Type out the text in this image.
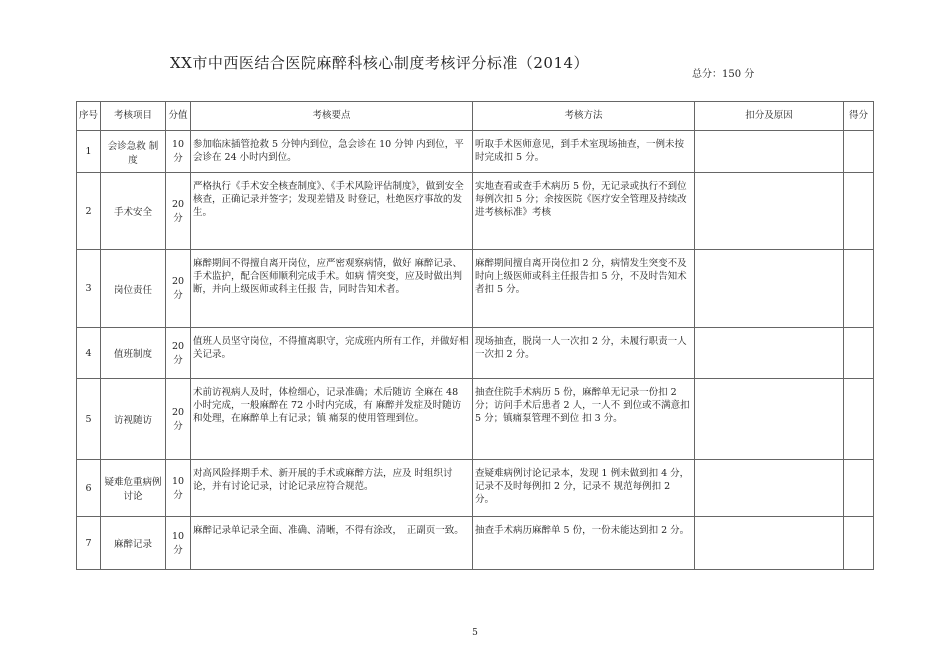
XX市中西医结合医院麻醉科核心制度考核评分标准（2014）
总分：150 分
序号	考核项目	分值	考核要点	考核方法	扣分及原因	得分
1	会诊急救 制度	10分	参加临床插管抢救 5 分钟内到位，急会诊在 10 分钟 内到位，平会诊在 24 小时内到位。	听取手术医师意见，到手术室现场抽查，一例未按时完成扣 5 分。		
2	手术安全	20分	严格执行《手术安全核查制度》、《手术风险评估制度》，做到安全核查，正确记录并签字；发现差错及 时登记，杜绝医疗事故的发生。	实地查看或查手术病历 5 份，无记录或执行不到位每例次扣 5 分；余按医院《医疗安全管理及持续改进考核标准》考核		
3	岗位责任	20分	麻醉期间不得擅自离开岗位，应严密观察病情，做好 麻醉记录、手术监护，配合医师顺利完成手术。如病 情突变，应及时做出判断，并向上级医师或科主任报 告，同时告知术者。	麻醉期间擅自离开岗位扣 2 分，病情发生突变不及时向上级医师或科主任报告扣 5 分，不及时告知术者扣 5 分。		
4	值班制度	20分	值班人员坚守岗位，不得擅离职守，完成班内所有工作，并做好相关记录。	现场抽查，脱岗一人一次扣 2 分，未履行职责一人一次扣 2 分。		
5	访视随访	20分	术前访视病人及时，体检细心，记录准确；术后随访 全麻在 48 小时完成，一般麻醉在 72 小时内完成，有 麻醉并发症及时随访和处理，在麻醉单上有记录；镇 痛泵的使用管理到位。	抽查住院手术病历 5 份，麻醉单无记录一份扣 2 分；访问手术后患者 2 人，一人不 到位或不满意扣 5 分；镇痛泵管理不到位 扣 3 分。		
6	疑难危重病例讨论	10分	对高风险择期手术、新开展的手术或麻醉方法，应及 时组织讨论，并有讨论记录，讨论记录应符合规范。	查疑难病例讨论记录本，发现 1 例未做到扣 4 分，记录不及时每例扣 2 分，记录不 规范每例扣 2 分。		
7	麻醉记录	10分	麻醉记录单记录全面、准确、清晰，不得有涂改，　正副页一致。	抽查手术病历麻醉单 5 份，一份未能达到扣 2 分。		
5
